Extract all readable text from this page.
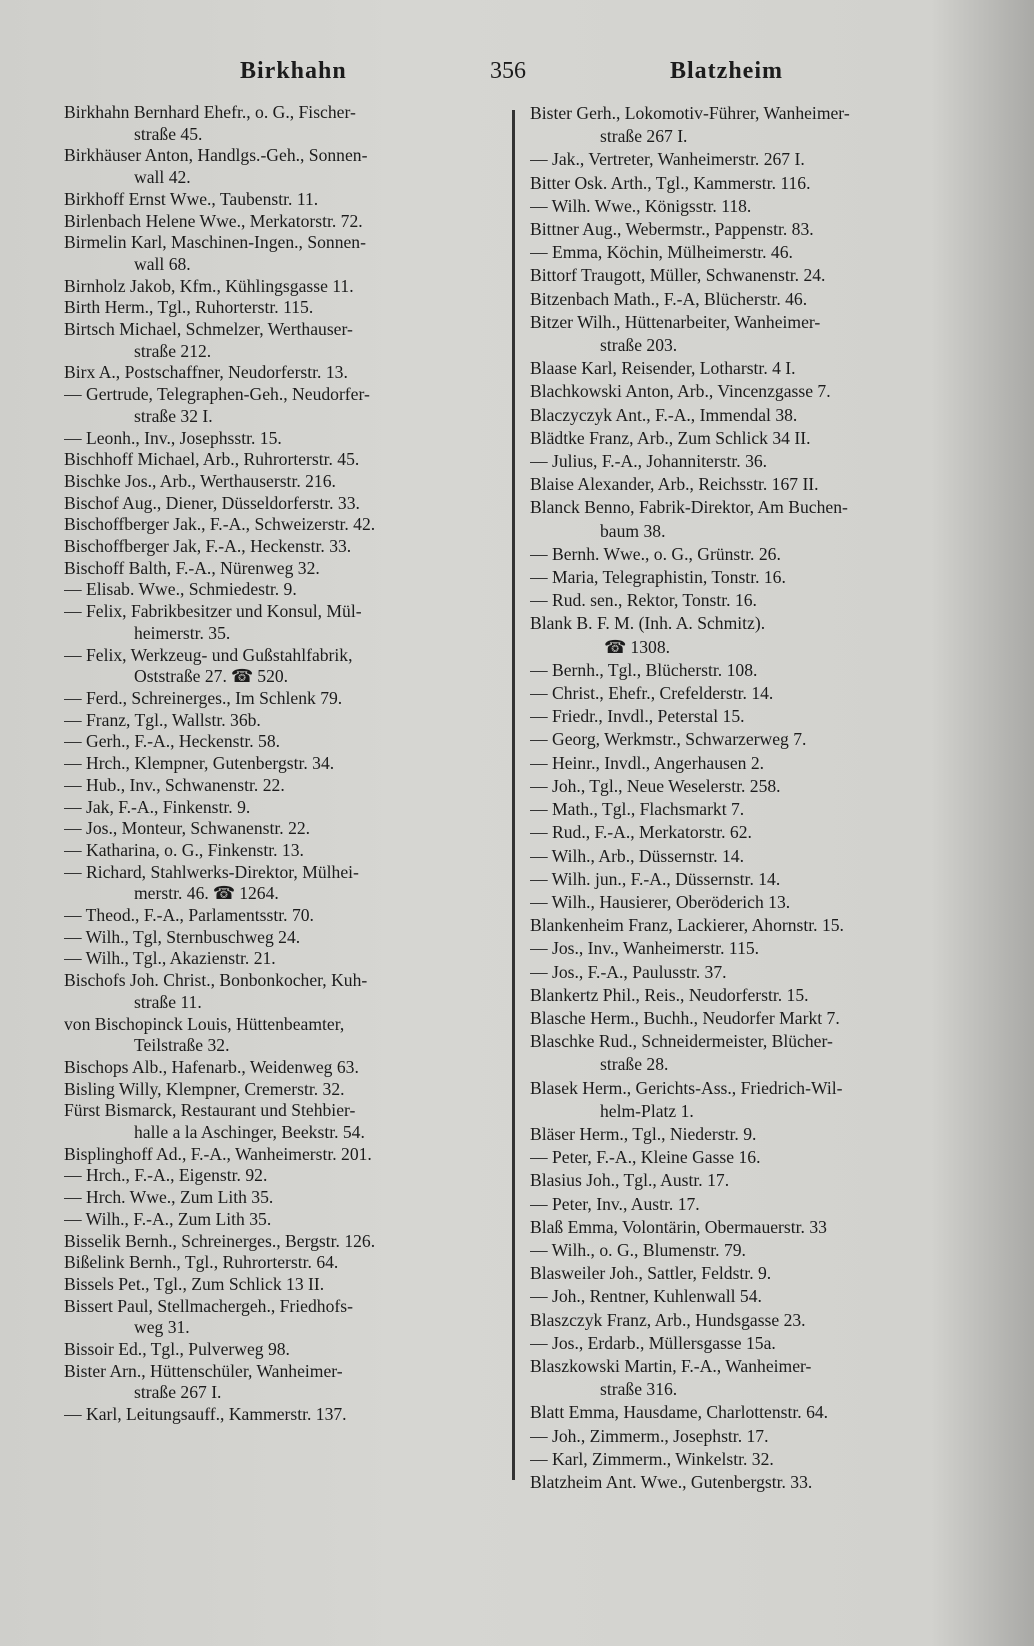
Birkhahn	356	Blatzheim
Birkhahn Bernhard Ehefr., o. G., Fischer-
straße 45.
Birkhäuser Anton, Handlgs.-Geh., Sonnen-
wall 42.
Birkhoff Ernst Wwe., Taubenstr. 11.
Birlenbach Helene Wwe., Merkatorstr. 72.
Birmelin Karl, Maschinen-Ingen., Sonnen-
wall 68.
Birnholz Jakob, Kfm., Kühlingsgasse 11.
Birth Herm., Tgl., Ruhorterstr. 115.
Birtsch Michael, Schmelzer, Werthauser-
straße 212.
Birx A., Postschaffner, Neudorferstr. 13.
— Gertrude, Telegraphen-Geh., Neudorfer-
straße 32 I.
— Leonh., Inv., Josephsstr. 15.
Bischhoff Michael, Arb., Ruhrorterstr. 45.
Bischke Jos., Arb., Werthauserstr. 216.
Bischof Aug., Diener, Düsseldorferstr. 33.
Bischoffberger Jak., F.-A., Schweizerstr. 42.
Bischoffberger Jak, F.-A., Heckenstr. 33.
Bischoff Balth, F.-A., Nürenweg 32.
— Elisab. Wwe., Schmiedestr. 9.
— Felix, Fabrikbesitzer und Konsul, Mül-
heimerstr. 35.
— Felix, Werkzeug- und Gußstahlfabrik,
Oststraße 27. ☎ 520.
— Ferd., Schreinerges., Im Schlenk 79.
— Franz, Tgl., Wallstr. 36b.
— Gerh., F.-A., Heckenstr. 58.
— Hrch., Klempner, Gutenbergstr. 34.
— Hub., Inv., Schwanenstr. 22.
— Jak, F.-A., Finkenstr. 9.
— Jos., Monteur, Schwanenstr. 22.
— Katharina, o. G., Finkenstr. 13.
— Richard, Stahlwerks-Direktor, Mülhei-
merstr. 46. ☎ 1264.
— Theod., F.-A., Parlamentsstr. 70.
— Wilh., Tgl, Sternbuschweg 24.
— Wilh., Tgl., Akazienstr. 21.
Bischofs Joh. Christ., Bonbonkocher, Kuh-
straße 11.
von Bischopinck Louis, Hüttenbeamter,
Teilstraße 32.
Bischops Alb., Hafenarb., Weidenweg 63.
Bisling Willy, Klempner, Cremerstr. 32.
Fürst Bismarck, Restaurant und Stehbier-
halle a la Aschinger, Beekstr. 54.
Bisplinghoff Ad., F.-A., Wanheimerstr. 201.
— Hrch., F.-A., Eigenstr. 92.
— Hrch. Wwe., Zum Lith 35.
— Wilh., F.-A., Zum Lith 35.
Bisselik Bernh., Schreinerges., Bergstr. 126.
Bißelink Bernh., Tgl., Ruhrorterstr. 64.
Bissels Pet., Tgl., Zum Schlick 13 II.
Bissert Paul, Stellmachergeh., Friedhofs-
weg 31.
Bissoir Ed., Tgl., Pulverweg 98.
Bister Arn., Hüttenschüler, Wanheimer-
straße 267 I.
— Karl, Leitungsauff., Kammerstr. 137.
Bister Gerh., Lokomotiv-Führer, Wanheimer-
straße 267 I.
— Jak., Vertreter, Wanheimerstr. 267 I.
Bitter Osk. Arth., Tgl., Kammerstr. 116.
— Wilh. Wwe., Königsstr. 118.
Bittner Aug., Webermstr., Pappenstr. 83.
— Emma, Köchin, Mülheimerstr. 46.
Bittorf Traugott, Müller, Schwanenstr. 24.
Bitzenbach Math., F.-A, Blücherstr. 46.
Bitzer Wilh., Hüttenarbeiter, Wanheimer-
straße 203.
Blaase Karl, Reisender, Lotharstr. 4 I.
Blachkowski Anton, Arb., Vincenzgasse 7.
Blaczyczyk Ant., F.-A., Immendal 38.
Blädtke Franz, Arb., Zum Schlick 34 II.
— Julius, F.-A., Johanniterstr. 36.
Blaise Alexander, Arb., Reichsstr. 167 II.
Blanck Benno, Fabrik-Direktor, Am Buchen-
baum 38.
— Bernh. Wwe., o. G., Grünstr. 26.
— Maria, Telegraphistin, Tonstr. 16.
— Rud. sen., Rektor, Tonstr. 16.
Blank B. F. M. (Inh. A. Schmitz).
☎ 1308.
— Bernh., Tgl., Blücherstr. 108.
— Christ., Ehefr., Crefelderstr. 14.
— Friedr., Invdl., Peterstal 15.
— Georg, Werkmstr., Schwarzerweg 7.
— Heinr., Invdl., Angerhausen 2.
— Joh., Tgl., Neue Weselerstr. 258.
— Math., Tgl., Flachsmarkt 7.
— Rud., F.-A., Merkatorstr. 62.
— Wilh., Arb., Düssernstr. 14.
— Wilh. jun., F.-A., Düssernstr. 14.
— Wilh., Hausierer, Oberöderich 13.
Blankenheim Franz, Lackierer, Ahornstr. 15.
— Jos., Inv., Wanheimerstr. 115.
— Jos., F.-A., Paulusstr. 37.
Blankertz Phil., Reis., Neudorferstr. 15.
Blasche Herm., Buchh., Neudorfer Markt 7.
Blaschke Rud., Schneidermeister, Blücher-
straße 28.
Blasek Herm., Gerichts-Ass., Friedrich-Wil-
helm-Platz 1.
Bläser Herm., Tgl., Niederstr. 9.
— Peter, F.-A., Kleine Gasse 16.
Blasius Joh., Tgl., Austr. 17.
— Peter, Inv., Austr. 17.
Blaß Emma, Volontärin, Obermauerstr. 33
— Wilh., o. G., Blumenstr. 79.
Blasweiler Joh., Sattler, Feldstr. 9.
— Joh., Rentner, Kuhlenwall 54.
Blaszczyk Franz, Arb., Hundsgasse 23.
— Jos., Erdarb., Müllersgasse 15a.
Blaszkowski Martin, F.-A., Wanheimer-
straße 316.
Blatt Emma, Hausdame, Charlottenstr. 64.
— Joh., Zimmerm., Josephstr. 17.
— Karl, Zimmerm., Winkelstr. 32.
Blatzheim Ant. Wwe., Gutenbergstr. 33.
